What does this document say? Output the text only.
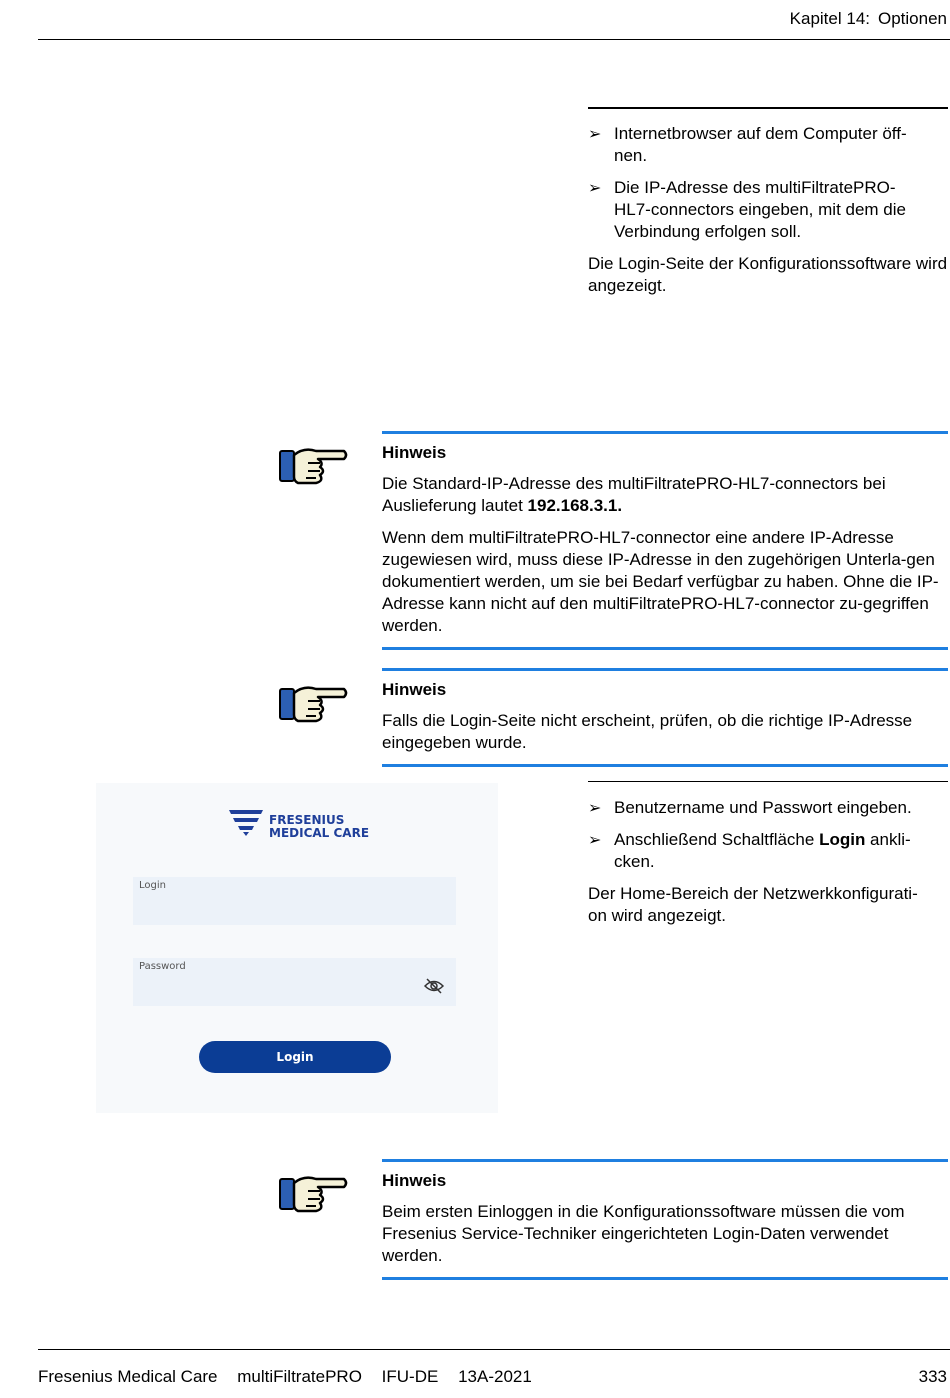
Kapitel 14: Optionen
➢ Internetbrowser auf dem Computer öff-
nen.
➢ Die IP-Adresse des multiFiltratePRO-
HL7-connectors eingeben, mit dem die
Verbindung erfolgen soll.

Die Login-Seite der Konfigurationssoftware wird angezeigt.

Hinweis

Die Standard-IP-Adresse des multiFiltratePRO-HL7-connectors bei Auslieferung lautet 192.168.3.1.

Wenn dem multiFiltratePRO-HL7-connector eine andere IP-Adresse zugewiesen wird, muss diese IP-Adresse in den zugehörigen Unterla-gen dokumentiert werden, um sie bei Bedarf verfügbar zu haben. Ohne die IP-Adresse kann nicht auf den multiFiltratePRO-HL7-connector zu-gegriffen werden.

Hinweis

Falls die Login-Seite nicht erscheint, prüfen, ob die richtige IP-Adresse eingegeben wurde.

FRESENIUS
MEDICAL CARE
Login
Password
Login
➢ Benutzername und Passwort eingeben.
➢ Anschließend Schaltfläche Login ankli-
cken.

Der Home-Bereich der Netzwerkkonfigurati-
on wird angezeigt.

Hinweis

Beim ersten Einloggen in die Konfigurationssoftware müssen die vom Fresenius Service-Techniker eingerichteten Login-Daten verwendet werden.

Fresenius Medical Care multiFiltratePRO IFU-DE 13A-2021	333
